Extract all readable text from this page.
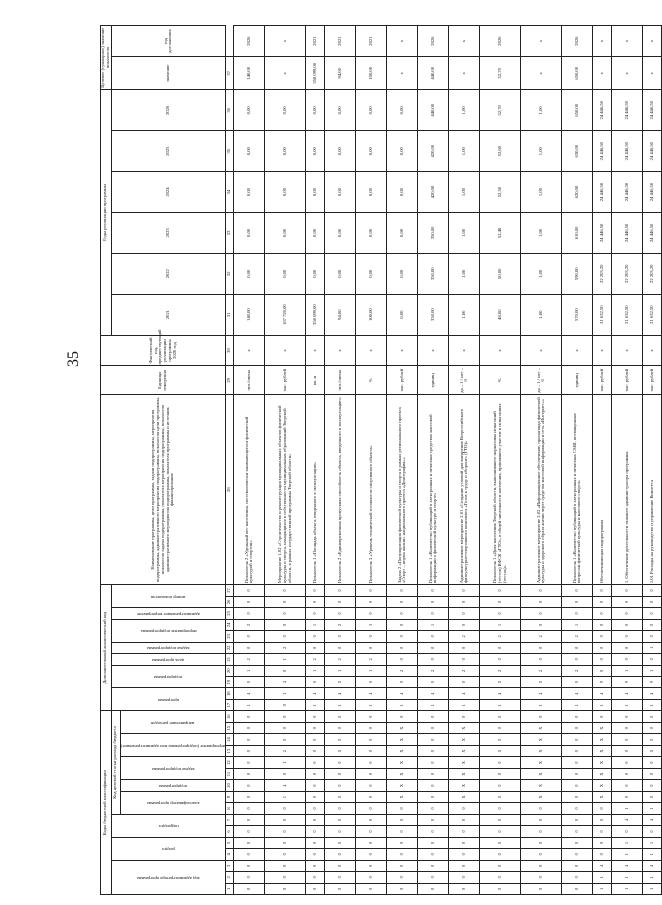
35
Коды бюджетной классификации																Дополнительный аналитический код											Наименование программы, цели программы, задачи подпрограммы, мероприятия подпрограммы, административного мероприятия подпрограммы, показателя цели программы, показателя задачи подпрограммы, показателя мероприятия подпрограммы, показателя административного мероприятия подпрограммы, показателя программы и источник финансирования	Единица измерения	Фактический год, предшествующий реализации программы 2020 год	Годы реализации программы						Целевое (суммарное) значение показателя	

код администратора программы			раздел		подраздел		Код целевой статьи расхода бюджета									программа		подпрограмма		цель программы	задача подпрограммы	мероприятие подпрограммы		административное мероприятие	номер показателя					2021	2022	2023	2024	2025	2026	значение	год достижения

							классификатор программы		подпрограмма	задача подпрограммы		мероприятие (подпрограммы или административное)		направление расходов																							

1	2	3	4	5	6	7	8	9	10	11	12	13	14	15	16	17	18	19	20	21	22	23	24	25	26	27	28	29	30	31	32	33	34	35	36	37	
0	0	0	0	0	0	0	0	0	0	0	0	0	0	0	0	1	4	0	1	2	0	0	2	0	0	0	Показатель 2 «Удельный вес населения, систематически занимающегося физической культурой и спортом»	чел./смена	х	140,00	0,00	0,00	0,00	0,00	0,00	140,00	2026
0	0	0	0	0	0	0	0	1	4	0	1	2	0	0	0	0	1	4	0	1	2	0	0	0	0	0	Мероприятие 1.02 «Строительство и реконструкция муниципальных объектов физической культуры и спорта, находящихся в собственности муниципальных образований Тверской области, в рамках государственной программы Тверской области»	тыс. рублей	х	167 720,00	0,00	0,00	0,00	0,00	0,00	х	х
0	0	0	0	0	0	0	0	0	0	0	0	0	0	0	0	1	4	0	1	2	0	0	1	0	0	0	Показатель 1 «Площадь объекта, введенного в эксплуатацию»	кв. м	х	358 099,00	0,00	0,00	0,00	0,00	0,00	358 099,00	2021
0	0	0	0	0	0	0	0	0	0	0	0	0	0	0	0	1	4	0	1	2	0	0	2	0	0	0	Показатель 2 «Единовременная пропускная способность объекта, введенного в эксплуатацию»	чел./смена	х	94,00	0,00	0,00	0,00	0,00	0,00	94,00	2021
0	0	0	0	0	0	0	0	0	0	0	0	0	0	0	0	1	4	0	1	2	0	0	3	0	0	0	Показатель 3 «Уровень технической готовности спортивного объекта»	%	х	100,00	0,00	0,00	0,00	0,00	0,00	100,00	2021
0	0	0	0	0	0	0	0	X	X	X	X	X	X	X	0	1	4	0	2	0	0	0	0	0	0	0	Задача 2 «Популяризация физической культуры и спорта в рамках регионального проекта «Спорт – норма жизни» национального проекта «Демография»»	тыс. рублей	х	0,00	0,00	0,00	0,00	0,00	0,00	х	х
0	0	0	0	0	0	0	0	0	0	0	0	0	0	0	0	1	4	0	2	0	0	0	1	0	0	0	Показатель 1 «Количество публикаций в электронных и печатных средствах массовой информации о физической культуре и спорте»	единиц	х	350,00	350,00	350,00	420,00	420,00	440,00	440,00	2026
0	0	0	0	0	0	0	0	X	X	X	X	X	X	X	0	1	4	0	2	0	0	2	0	0	0	0	Административное мероприятие 2.01 «Создание условий для внедрения Всероссийского физкультурно-спортивного комплекса «Готов к труду и обороне» (ГТО)»	да – 1 / нет – 0	х	1,00	1,00	1,00	1,00	1,00	1,00	х	х
0	0	0	0	0	0	0	0	0	0	0	0	0	0	0	0	1	4	0	2	0	0	2	1	0	0	0	Показатель 1 «Доля населения Тверской области, выполнившего нормативы испытаний (тестов) ВФСК «ГТО», в общей численности населения, принявшего участие в испытаниях (тестах)»	%	х	48,00	50,00	52,40	52,50	52,60	52,70	52,70	2026
0	0	0	0	0	0	0	0	X	X	X	X	X	X	X	0	1	4	0	2	0	0	2	0	0	0	0	Административное мероприятие 2.02 «Информационное обеспечение, пропаганда физической культуры и здорового образа жизни через средства массовой информации и сеть «Интернет»»	да – 1 / нет – 0	х	1,00	1,00	1,00	1,00	1,00	1,00	х	х
0	0	0	0	0	0	0	0	0	0	0	0	0	0	0	0	1	4	0	2	0	0	2	1	0	0	0	Показатель 1 «Количество публикаций в электронных и печатных СМИ, посвященных вопросам физической культуры и массового спорта»	единиц	х	570,00	590,00	610,00	620,00	630,00	650,00	650,00	2026
1	1	4	0	0	0	0	0	X	X	X	X	X	X	X	0	1	4	9	0	0	0	0	0	0	0	0	Обеспечивающая подпрограмма	тыс. рублей	х	21 632,50	22 203,20	24 446,50	24 446,50	24 446,50	24 446,50	х	х
1	1	4	1	1	0	4	1	0	0	0	0	0	0	0	0	1	4	9	1	0	0	0	0	0	0	0	1. Обеспечение деятельности главного администратора программы	тыс. рублей	х	21 632,50	22 203,20	24 446,50	24 446,50	24 446,50	24 446,50	х	х
1	1	4	1	1	0	4	1	0	0	0	0	0	0	0	0	1	4	9	1	0	1	0	0	0	0	0	1.01 Расходы на руководство и управление Комитета	тыс. рублей	х	21 632,50	22 203,20	24 446,50	24 446,50	24 446,50	24 446,50	х	х
